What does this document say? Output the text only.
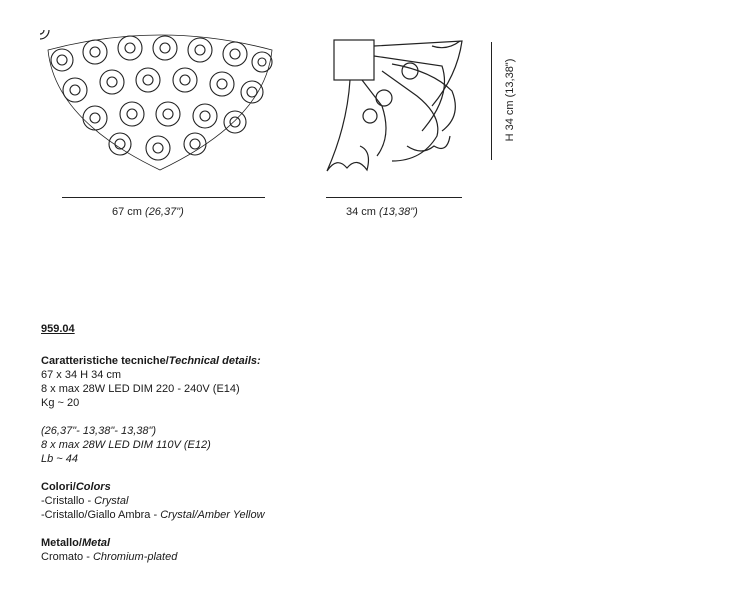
67 cm (26,37")	34 cm (13,38")
H 34 cm (13,38")
959.04
Caratteristiche tecniche/Technical details:
67 x 34 H 34 cm
8 x max 28W LED DIM 220 - 240V (E14)
Kg ~ 20
(26,37"- 13,38"- 13,38")
8 x max 28W LED DIM 110V (E12)
Lb ~ 44
Colori/Colors
-Cristallo - Crystal
-Cristallo/Giallo Ambra - Crystal/Amber Yellow
Metallo/Metal
Cromato - Chromium-plated
